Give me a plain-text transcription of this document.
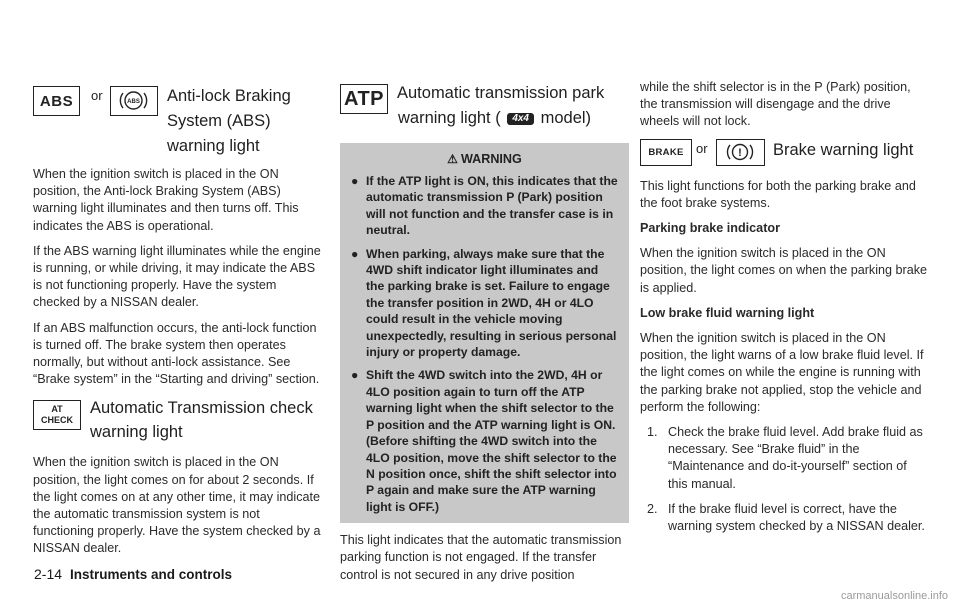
ABS	or	ABS Anti-lock Braking
System (ABS)
warning light

When the ignition switch is placed in the ON position, the Anti-lock Braking System (ABS) warning light illuminates and then turns off. This indicates the ABS is operational.

If the ABS warning light illuminates while the engine is running, or while driving, it may indicate the ABS is not functioning properly. Have the system checked by a NISSAN dealer.

If an ABS malfunction occurs, the anti-lock function is turned off. The brake system then operates normally, but without anti-lock assistance. See “Brake system” in the “Starting and driving” section.

AT
CHECK
Automatic Transmission check
warning light

When the ignition switch is placed in the ON position, the light comes on for about 2 seconds. If the light comes on at any other time, it may indicate the automatic transmission system is not functioning properly. Have the system checked by a NISSAN dealer.

ATP Automatic transmission park
warning light ( 4x4 model)
⚠ WARNING
● If the ATP light is ON, this indicates that the automatic transmission P (Park) position will not function and the transfer case is in neutral.
● When parking, always make sure that the 4WD shift indicator light illuminates and the parking brake is set. Failure to engage the transfer position in 2WD, 4H or 4LO could result in the vehicle moving unexpectedly, resulting in serious personal injury or property damage.
● Shift the 4WD switch into the 2WD, 4H or 4LO position again to turn off the ATP warning light when the shift selector to the P position and the ATP warning light is ON. (Before shifting the 4WD switch into the 4LO position, move the shift selector to the N position once, shift the shift selector into P again and make sure the ATP warning light is OFF.)

This light indicates that the automatic transmission parking function is not engaged. If the transfer control is not secured in any drive position

while the shift selector is in the P (Park) position, the transmission will disengage and the drive wheels will not lock.

BRAKE or	! Brake warning light

This light functions for both the parking brake and the foot brake systems.

Parking brake indicator

When the ignition switch is placed in the ON position, the light comes on when the parking brake is applied.

Low brake fluid warning light

When the ignition switch is placed in the ON position, the light warns of a low brake fluid level. If the light comes on while the engine is running with the parking brake not applied, stop the vehicle and perform the following:

1. Check the brake fluid level. Add brake fluid as necessary. See “Brake fluid” in the “Maintenance and do-it-yourself” section of this manual.
2. If the brake fluid level is correct, have the warning system checked by a NISSAN dealer.
2-14 Instruments and controls
carmanualsonline.info
